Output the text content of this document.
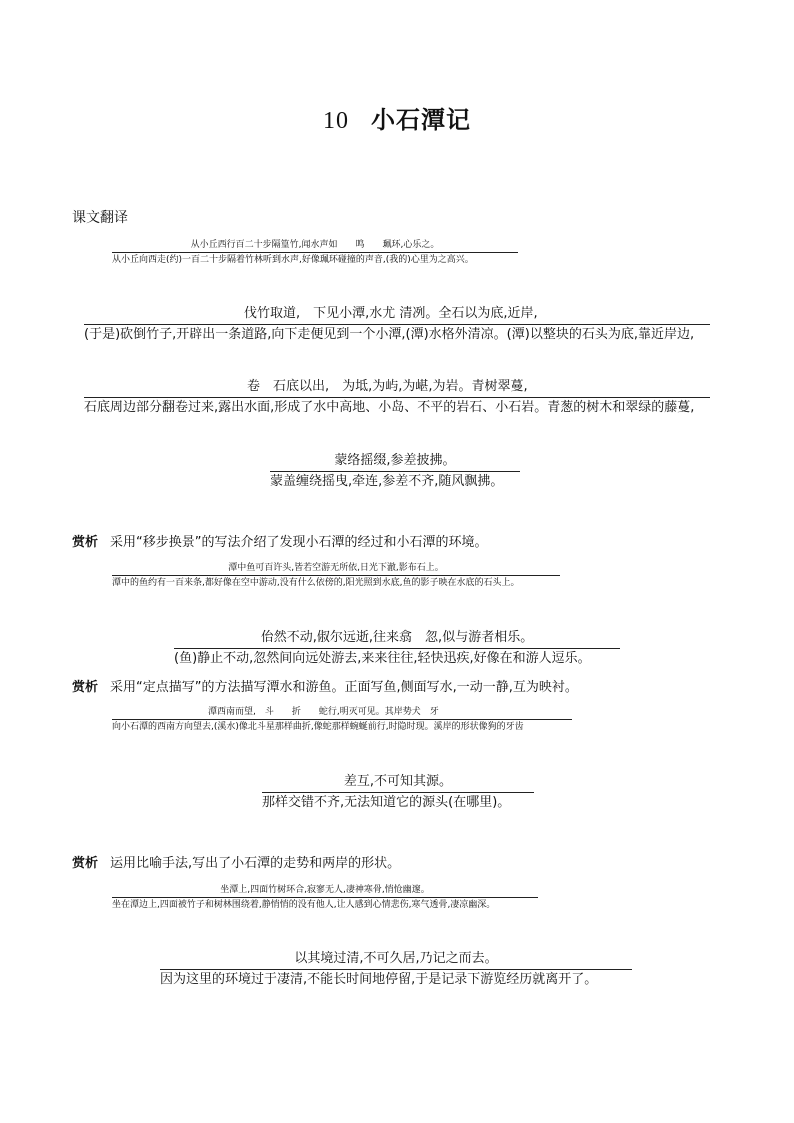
10 小石潭记
课文翻译
从小丘西行百二十步隔篁竹,闻水声如　　鸣　　珮环,心乐之。
从小丘向西走(约)一百二十步隔着竹林听到水声,好像珮环碰撞的声音,(我的)心里为之高兴。
伐竹取道,　下见小潭,水尤 清冽。全石以为底,近岸,
(于是)砍倒竹子,开辟出一条道路,向下走便见到一个小潭,(潭)水格外清凉。(潭)以整块的石头为底,靠近岸边,
卷　石底以出,　为坻,为屿,为嵁,为岩。青树翠蔓,
石底周边部分翻卷过来,露出水面,形成了水中高地、小岛、不平的岩石、小石岩。青葱的树木和翠绿的藤蔓,
蒙络摇缀,参差披拂。
蒙盖缠绕摇曳,牵连,参差不齐,随风飘拂。
赏析 采用“移步换景”的写法介绍了发现小石潭的经过和小石潭的环境。
潭中鱼可百许头,皆若空游无所依,日光下澈,影布石上。
潭中的鱼约有一百来条,都好像在空中游动,没有什么依傍的,阳光照到水底,鱼的影子映在水底的石头上。
佁然不动,俶尔远逝,往来翕　忽,似与游者相乐。
(鱼)静止不动,忽然间向远处游去,来来往往,轻快迅疾,好像在和游人逗乐。
赏析 采用“定点描写”的方法描写潭水和游鱼。正面写鱼,侧面写水,一动一静,互为映衬。
潭西南而望,　斗　　折　　蛇行,明灭可见。其岸势犬　牙
向小石潭的西南方向望去,(溪水)像北斗星那样曲折,像蛇那样蜿蜒前行,时隐时现。溪岸的形状像狗的牙齿
差互,不可知其源。
那样交错不齐,无法知道它的源头(在哪里)。
赏析 运用比喻手法,写出了小石潭的走势和两岸的形状。
坐潭上,四面竹树环合,寂寥无人,凄神寒骨,悄怆幽邃。
坐在潭边上,四面被竹子和树林围绕着,静悄悄的没有他人,让人感到心情悲伤,寒气透骨,凄凉幽深。
以其境过清,不可久居,乃记之而去。
因为这里的环境过于凄清,不能长时间地停留,于是记录下游览经历就离开了。
